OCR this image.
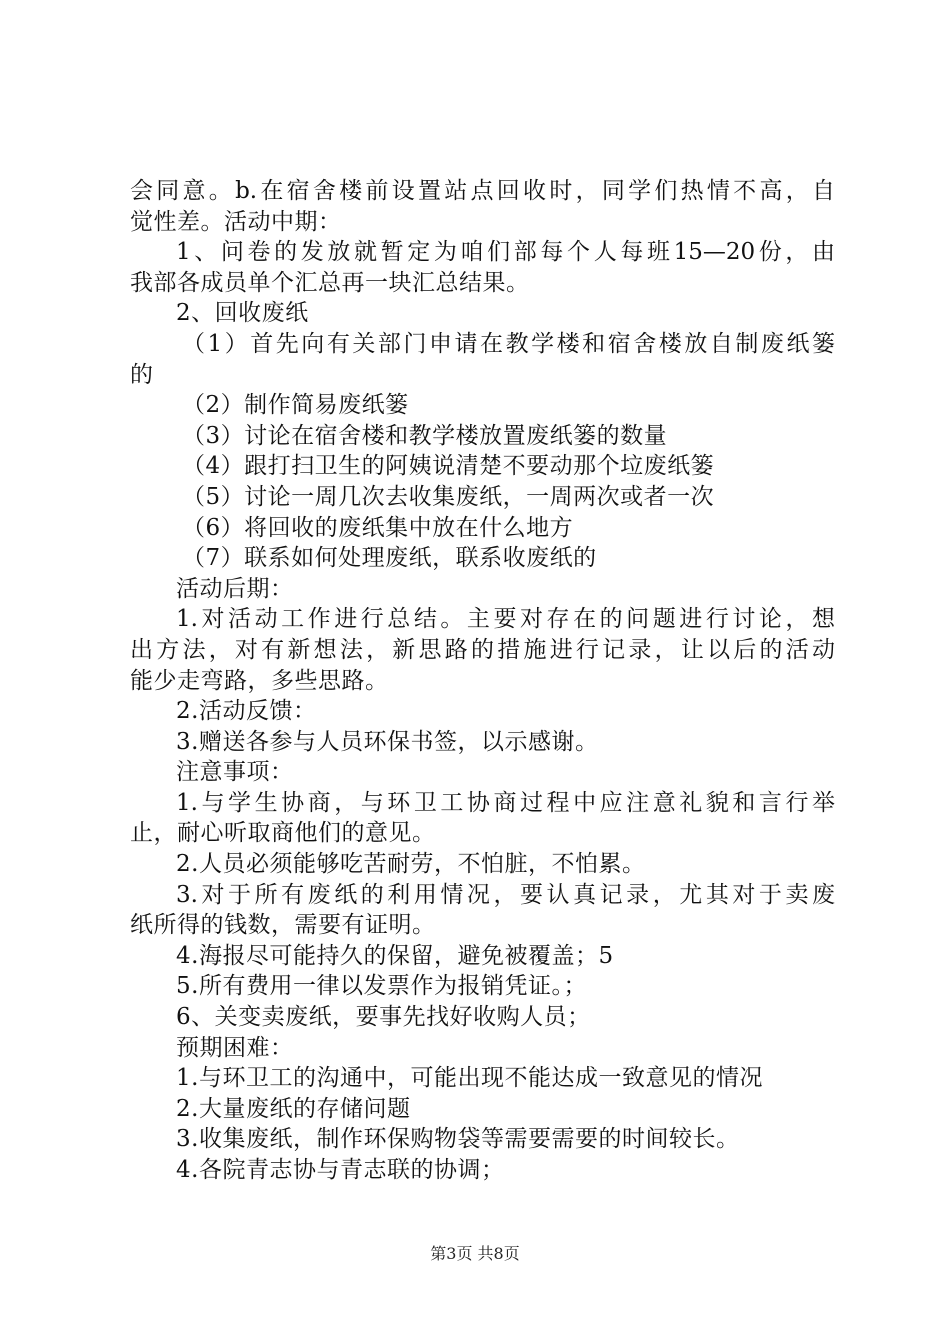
会同意。b.在宿舍楼前设置站点回收时，同学们热情不高，自
觉性差。活动中期：
1、问卷的发放就暂定为咱们部每个人每班15—20份，由
我部各成员单个汇总再一块汇总结果。
2、回收废纸
（1）首先向有关部门申请在教学楼和宿舍楼放自制废纸篓
的
（2）制作简易废纸篓
（3）讨论在宿舍楼和教学楼放置废纸篓的数量
（4）跟打扫卫生的阿姨说清楚不要动那个垃废纸篓
（5）讨论一周几次去收集废纸，一周两次或者一次
（6）将回收的废纸集中放在什么地方
（7）联系如何处理废纸，联系收废纸的
活动后期：
1.对活动工作进行总结。主要对存在的问题进行讨论，想
出方法，对有新想法，新思路的措施进行记录，让以后的活动
能少走弯路，多些思路。
2.活动反馈：
3.赠送各参与人员环保书签，以示感谢。
注意事项：
1.与学生协商，与环卫工协商过程中应注意礼貌和言行举
止，耐心听取商他们的意见。
2.人员必须能够吃苦耐劳，不怕脏，不怕累。
3.对于所有废纸的利用情况，要认真记录，尤其对于卖废
纸所得的钱数，需要有证明。
4.海报尽可能持久的保留，避免被覆盖；5
5.所有费用一律以发票作为报销凭证。；
6、关变卖废纸，要事先找好收购人员；
预期困难：
1.与环卫工的沟通中，可能出现不能达成一致意见的情况
2.大量废纸的存储问题
3.收集废纸，制作环保购物袋等需要需要的时间较长。
4.各院青志协与青志联的协调；
第3页 共8页
